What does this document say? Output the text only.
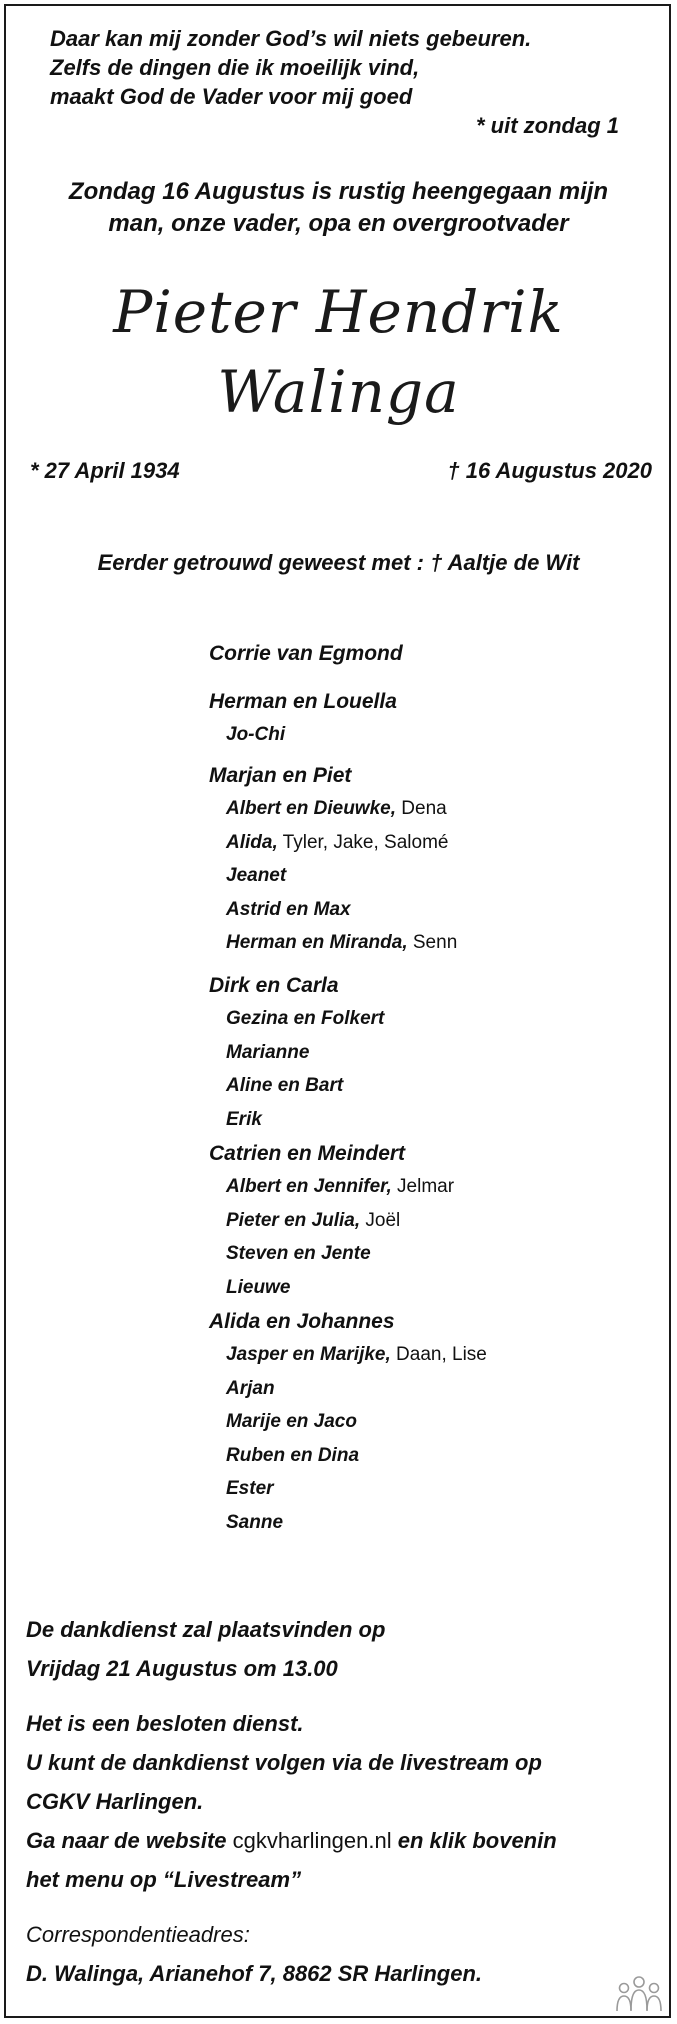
Daar kan mij zonder God’s wil niets gebeuren.
Zelfs de dingen die ik moeilijk vind,
maakt God de Vader voor mij goed
* uit zondag 1
Zondag 16 Augustus is rustig heengegaan mijn
man, onze vader, opa en overgrootvader
Pieter Hendrik
Walinga
* 27 April 1934	† 16 Augustus 2020
Eerder getrouwd geweest met : † Aaltje de Wit
Corrie van Egmond
Herman en Louella
Jo-Chi
Marjan en Piet
Albert en Dieuwke, Dena
Alida, Tyler, Jake, Salomé
Jeanet
Astrid en Max
Herman en Miranda, Senn
Dirk en Carla
Gezina en Folkert
Marianne
Aline en Bart
Erik
Catrien en Meindert
Albert en Jennifer, Jelmar
Pieter en Julia, Joël
Steven en Jente
Lieuwe
Alida en Johannes
Jasper en Marijke, Daan, Lise
Arjan
Marije en Jaco
Ruben en Dina
Ester
Sanne
De dankdienst zal plaatsvinden op
Vrijdag 21 Augustus om 13.00
Het is een besloten dienst.
U kunt de dankdienst volgen via de livestream op
CGKV Harlingen.
Ga naar de website cgkvharlingen.nl en klik bovenin
het menu op “Livestream”
Correspondentieadres:
D. Walinga, Arianehof 7, 8862 SR Harlingen.
